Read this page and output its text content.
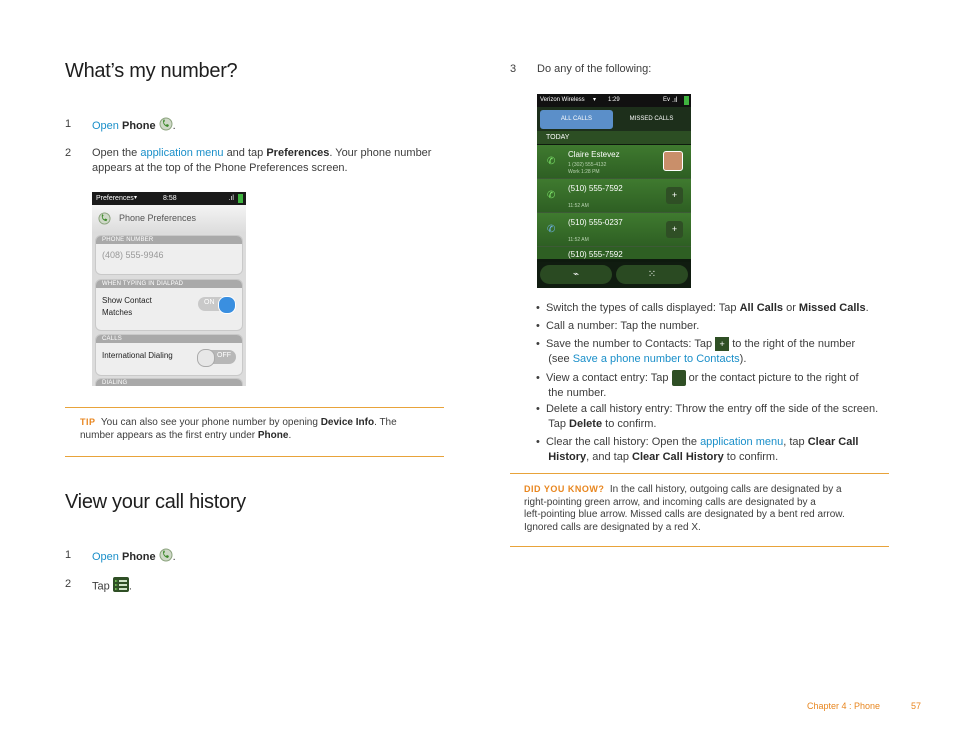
What’s my number?
1 Open Phone .
2 Open the application menu and tap Preferences. Your phone number
appears at the top of the Phone Preferences screen.
Preferences ▾	8:58	.ıl
Phone Preferences
PHONE NUMBER
(408) 555-9946
WHEN TYPING IN DIALPAD
Show Contact
Matches
ON
CALLS
International Dialing	OFF
DIALING
TIP You can also see your phone number by opening Device Info. The
number appears as the first entry under Phone.
View your call history
1 Open Phone .
2 Tap .
3 Do any of the following:
Verizon Wireless ▾ 1:29	Ev .ıl
ALL CALLS	MISSED CALLS
TODAY
✆
Claire Estevez
1 (302) 555-4132
Work 1:28 PM
✆
(510) 555-7592
11:52 AM
+
✆
(510) 555-0237
11:52 AM
+
(510) 555-7592
⌁	⁙
•  Switch the types of calls displayed: Tap All Calls or Missed Calls.
•  Call a number: Tap the number.
•  Save the number to Contacts: Tap + to the right of the number
(see Save a phone number to Contacts).
•  View a contact entry: Tap or the contact picture to the right of
the number.
•  Delete a call history entry: Throw the entry off the side of the screen.
Tap Delete to confirm.
•  Clear the call history: Open the application menu, tap Clear Call
History, and tap Clear Call History to confirm.
DID YOU KNOW? In the call history, outgoing calls are designated by a
right-pointing green arrow, and incoming calls are designated by a
left-pointing blue arrow. Missed calls are designated by a bent red arrow.
Ignored calls are designated by a red X.
Chapter 4 : Phone	57
